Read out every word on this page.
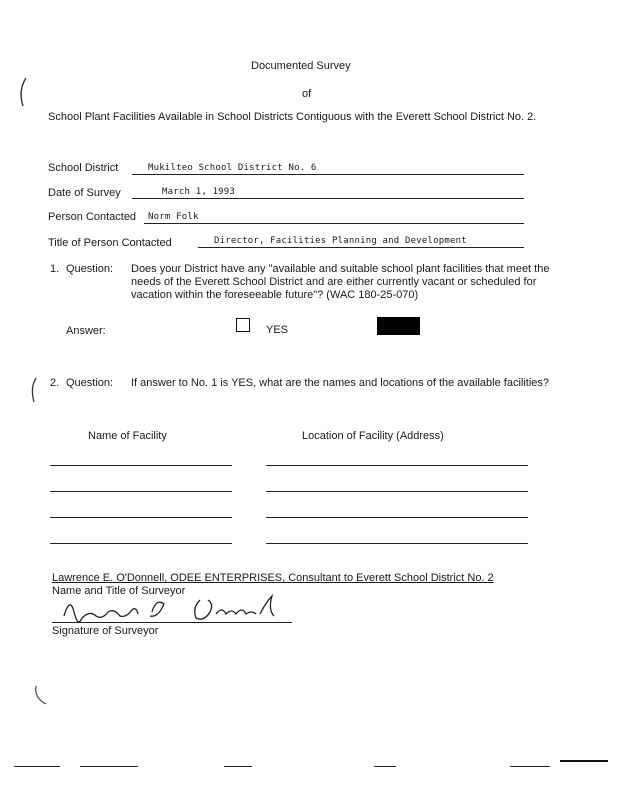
Documented Survey
of
School Plant Facilities Available in School Districts Contiguous with the Everett School District No. 2.
School District	Mukilteo School District No. 6
Date of Survey	March 1, 1993
Person Contacted Norm Folk
Title of Person Contacted	Director, Facilities Planning and Development
1. Question: Does your District have any "available and suitable school plant facilities that meet the needs of the Everett School District and are either currently vacant or scheduled for vacation within the foreseeable future"? (WAC 180-25-070)
Answer:	YES
2. Question: If answer to No. 1 is YES, what are the names and locations of the available facilities?
Name of Facility	Location of Facility (Address)
Lawrence E. O'Donnell, ODEE ENTERPRISES, Consultant to Everett School District No. 2
Name and Title of Surveyor
Signature of Surveyor
